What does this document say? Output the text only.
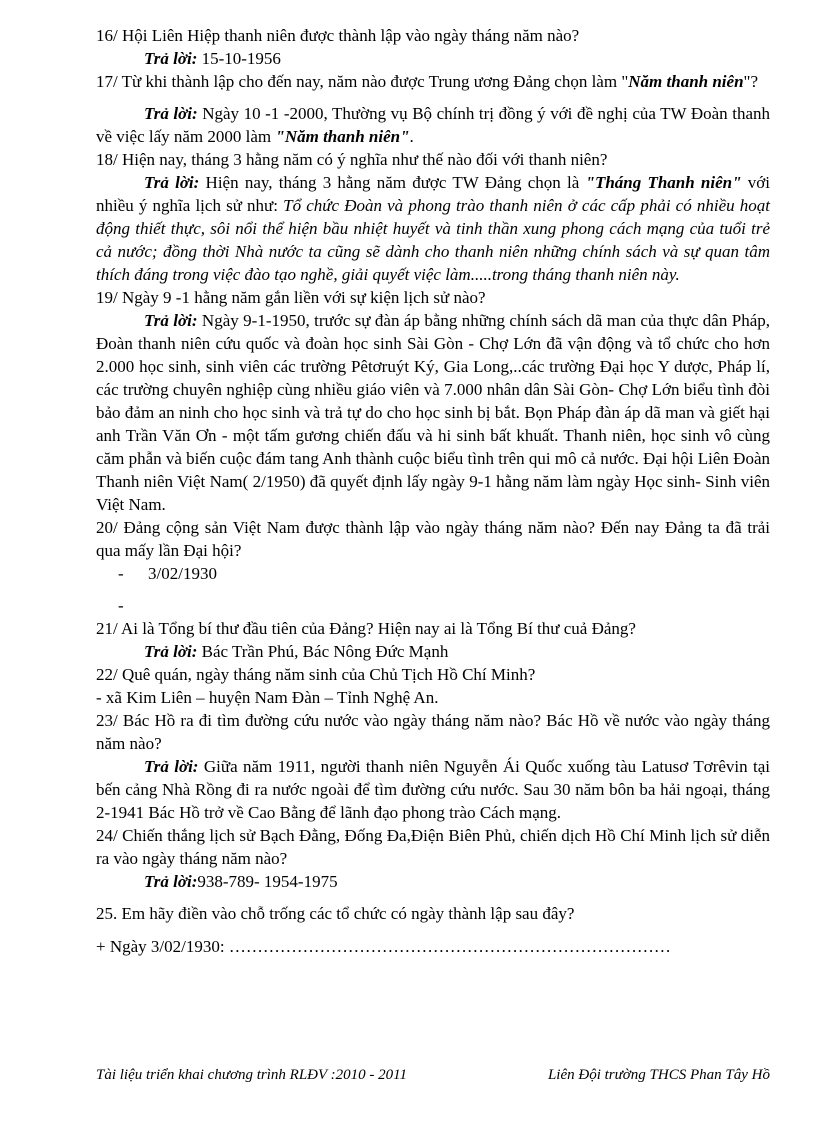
16/ Hội Liên Hiệp thanh niên được thành lập vào ngày tháng năm nào?

Trả lời: 15-10-1956

17/ Từ khi thành lập cho đến nay, năm nào được Trung ương Đảng chọn làm "Năm thanh niên"?

Trả lời: Ngày 10 -1 -2000, Thường vụ Bộ chính trị đồng ý với đề nghị của TW Đoàn thanh về việc lấy năm 2000 làm "Năm thanh niên".

18/ Hiện nay, tháng 3 hằng năm có ý nghĩa như thế nào đối với thanh niên?

Trả lời: Hiện nay, tháng 3 hằng năm được TW Đảng chọn là "Tháng Thanh niên" với nhiều ý nghĩa lịch sử như: Tổ chức Đoàn và phong trào thanh niên ở các cấp phải có nhiều hoạt động thiết thực, sôi nổi thể hiện bầu nhiệt huyết và tinh thần xung phong cách mạng của tuổi trẻ cả nước; đồng thời Nhà nước ta cũng sẽ dành cho thanh niên những chính sách và sự quan tâm thích đáng trong việc đào tạo nghề, giải quyết việc làm.....trong tháng thanh niên này.

19/ Ngày 9 -1 hằng năm gắn liền với sự kiện lịch sử nào?

Trả lời: Ngày 9-1-1950, trước sự đàn áp bằng những chính sách dã man của thực dân Pháp, Đoàn thanh niên cứu quốc và đoàn học sinh Sài Gòn - Chợ Lớn đã vận động và tổ chức cho hơn 2.000 học sinh, sinh viên các trường Pêtơruýt Ký, Gia Long,..các trường Đại học Y dược, Pháp lí, các trường chuyên nghiệp cùng nhiều giáo viên và 7.000 nhân dân Sài Gòn- Chợ Lớn biểu tình đòi bảo đảm an ninh cho học sinh và trả tự do cho học sinh bị bắt. Bọn Pháp đàn áp dã man và giết hại anh Trần Văn Ơn - một tấm gương chiến đấu và hi sinh bất khuất. Thanh niên, học sinh vô cùng căm phẫn và biến cuộc đám tang Anh thành cuộc biểu tình trên qui mô cả nước. Đại hội Liên Đoàn Thanh niên Việt Nam( 2/1950) đã quyết định lấy ngày 9-1 hằng năm làm ngày Học sinh- Sinh viên Việt Nam.

20/ Đảng cộng sản Việt Nam được thành lập vào ngày tháng năm nào? Đến nay Đảng ta đã trải qua mấy lần Đại hội?

- 3/02/1930

-

21/ Ai là Tổng bí thư đầu tiên của Đảng? Hiện nay ai là Tổng Bí thư cuả Đảng?

Trả lời: Bác Trần Phú, Bác Nông Đức Mạnh

22/ Quê quán, ngày tháng năm sinh của Chủ Tịch Hồ Chí Minh?

- xã Kim Liên – huyện Nam Đàn – Tỉnh Nghệ An.

23/ Bác Hồ ra đi tìm đường cứu nước vào ngày tháng năm nào? Bác Hồ về nước vào ngày tháng năm nào?

Trả lời: Giữa năm 1911, người thanh niên Nguyễn Ái Quốc xuống tàu Latusơ Tơrêvin tại bến cảng Nhà Rồng đi ra nước ngoài để tìm đường cứu nước. Sau 30 năm bôn ba hải ngoại, tháng 2-1941 Bác Hồ trở về Cao Bằng để lãnh đạo phong trào Cách mạng.

24/ Chiến thắng lịch sử Bạch Đằng, Đống Đa,Điện Biên Phủ, chiến dịch Hồ Chí Minh lịch sử diễn ra vào ngày tháng năm nào?

Trả lời:938-789- 1954-1975

25. Em hãy điền vào chỗ trống các tổ chức có ngày thành lập sau đây?

+ Ngày 3/02/1930: ……………………………………………………………………

Tài liệu triển khai chương trình RLĐV :2010 - 2011	Liên Đội trường THCS Phan Tây Hồ
